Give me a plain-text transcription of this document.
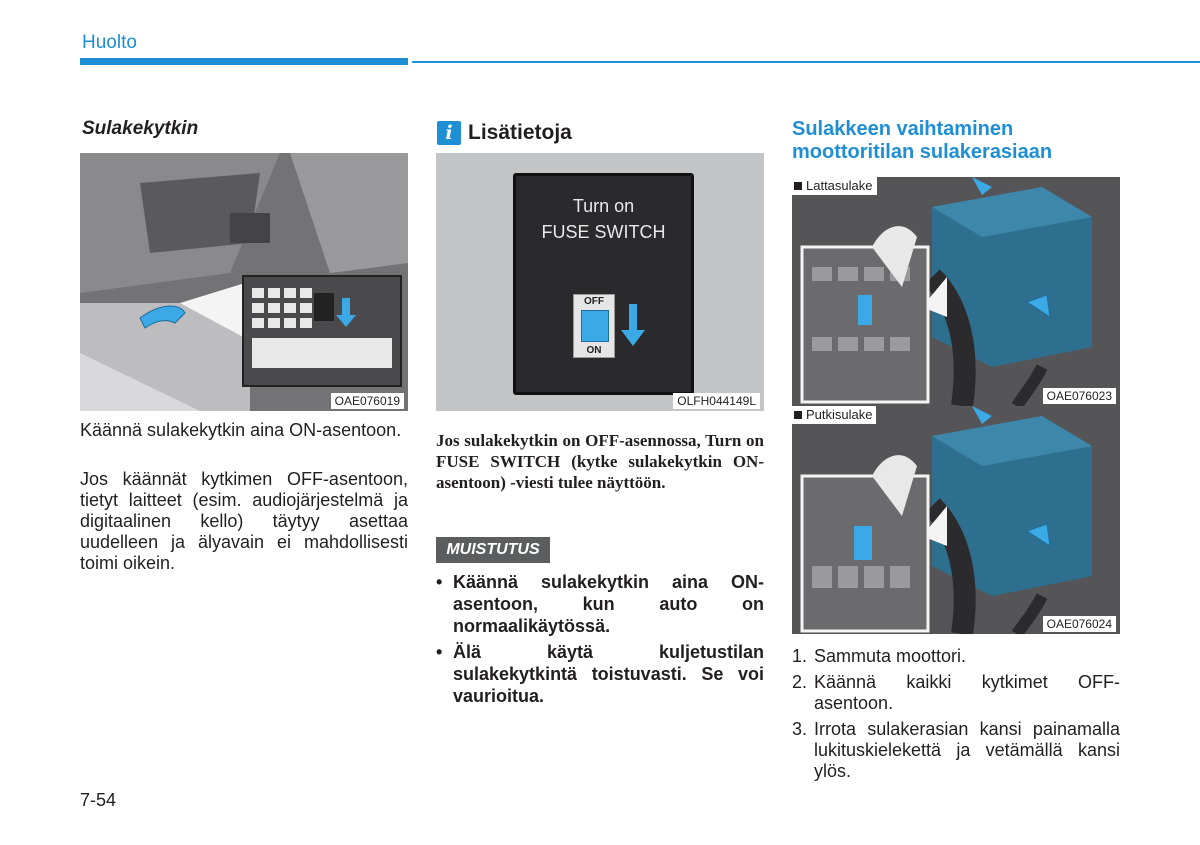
Huolto
Sulakekytkin
OAE076019
Käännä sulakekytkin aina ON-asentoon.
Jos käännät kytkimen OFF-asentoon, tietyt laitteet (esim. audiojärjestelmä ja digitaalinen kello) täytyy asettaa uudelleen ja älyavain ei mahdollisesti toimi oikein.
i Lisätietoja
Turn on
FUSE SWITCH
OFF
ON
OLFH044149L
Jos sulakekytkin on OFF-asennossa, Turn on FUSE SWITCH (kytke sulakekytkin ON-asentoon) -viesti tulee näyttöön.
MUISTUTUS
• Käännä sulakekytkin aina ON-asentoon, kun auto on normaalikäytössä.
• Älä käytä kuljetustilan sulakekytkintä toistuvasti. Se voi vaurioitua.
Sulakkeen vaihtaminen
moottoritilan sulakerasiaan
Lattasulake
OAE076023
Putkisulake
OAE076024
1. Sammuta moottori.
2. Käännä kaikki kytkimet OFF-asentoon.
3. Irrota sulakerasian kansi painamalla lukituskielekettä ja vetämällä kansi ylös.
7-54
